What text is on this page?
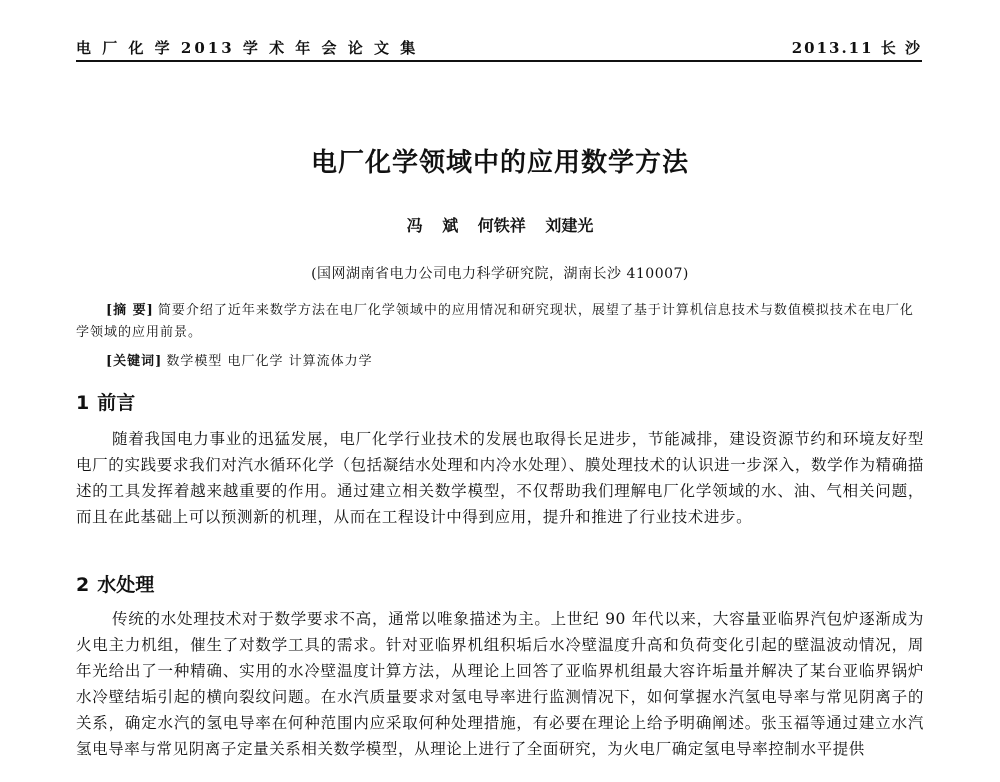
电 厂 化 学 2013 学 术 年 会 论 文 集	2013.11 长 沙
电厂化学领域中的应用数学方法
冯 斌 何铁祥 刘建光
(国网湖南省电力公司电力科学研究院，湖南长沙 410007)
[摘 要] 简要介绍了近年来数学方法在电厂化学领域中的应用情况和研究现状，展望了基于计算机信息技术与数值模拟技术在电厂化学领域的应用前景。
[关键词] 数学模型 电厂化学 计算流体力学
1 前言
随着我国电力事业的迅猛发展，电厂化学行业技术的发展也取得长足进步，节能减排，建设资源节约和环境友好型电厂的实践要求我们对汽水循环化学（包括凝结水处理和内冷水处理）、膜处理技术的认识进一步深入，数学作为精确描述的工具发挥着越来越重要的作用。通过建立相关数学模型，不仅帮助我们理解电厂化学领域的水、油、气相关问题，而且在此基础上可以预测新的机理，从而在工程设计中得到应用，提升和推进了行业技术进步。
2 水处理
传统的水处理技术对于数学要求不高，通常以唯象描述为主。上世纪 90 年代以来，大容量亚临界汽包炉逐渐成为火电主力机组，催生了对数学工具的需求。针对亚临界机组积垢后水冷壁温度升高和负荷变化引起的壁温波动情况，周年光给出了一种精确、实用的水冷壁温度计算方法，从理论上回答了亚临界机组最大容许垢量并解决了某台亚临界锅炉水冷壁结垢引起的横向裂纹问题。在水汽质量要求对氢电导率进行监测情况下，如何掌握水汽氢电导率与常见阴离子的关系，确定水汽的氢电导率在何种范围内应采取何种处理措施，有必要在理论上给予明确阐述。张玉福等通过建立水汽氢电导率与常见阴离子定量关系相关数学模型，从理论上进行了全面研究，为火电厂确定氢电导率控制水平提供
